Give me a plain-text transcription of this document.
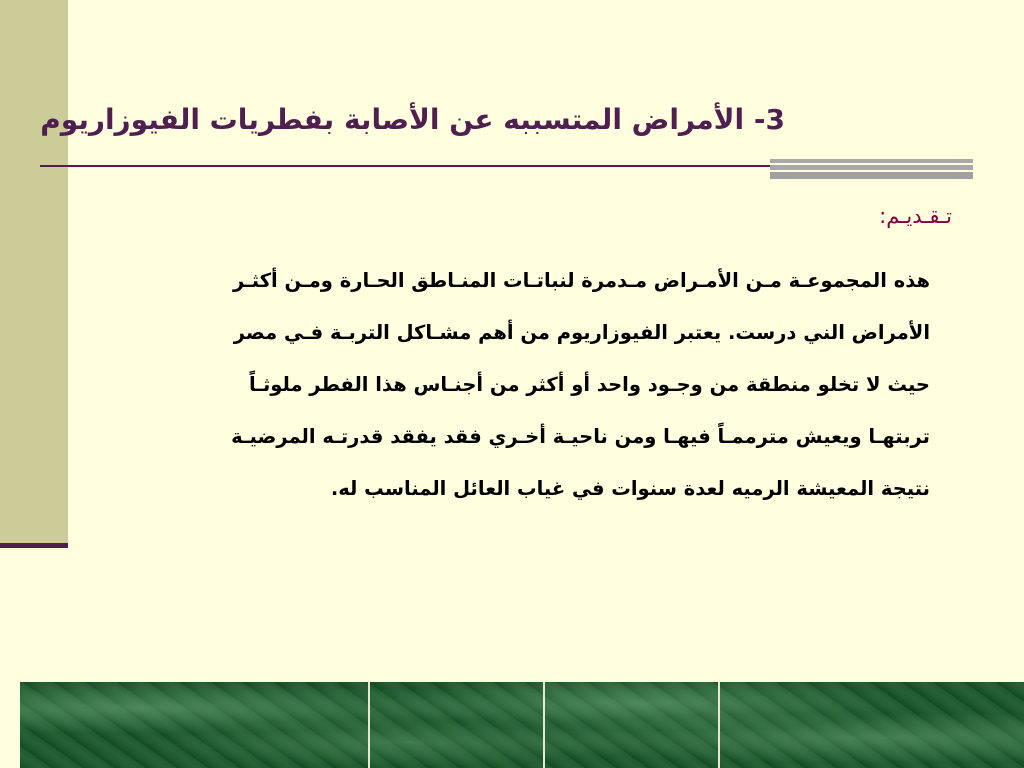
3- الأمراض المتسببه عن الأصابة بفطريات الفيوزاريوم
تـقـديـم:
هذه المجموعـة مـن الأمـراض مـدمرة لنباتـات المنـاطق الحـارة ومـن أكثـر
الأمراض الني درست. يعتبر الفيوزاريوم من أهم مشـاكل التربـة فـي مصر
حيث لا تخلو منطقة من وجـود واحد أو أكثر من أجنـاس هذا الفطر ملوثـاً
تربتهـا ويعيش مترممـاً فيهـا ومن ناحيـة أخـري فقد يفقد قدرتـه المرضيـة
نتيجة المعيشة الرميه لعدة سنوات في غياب العائل المناسب له.
